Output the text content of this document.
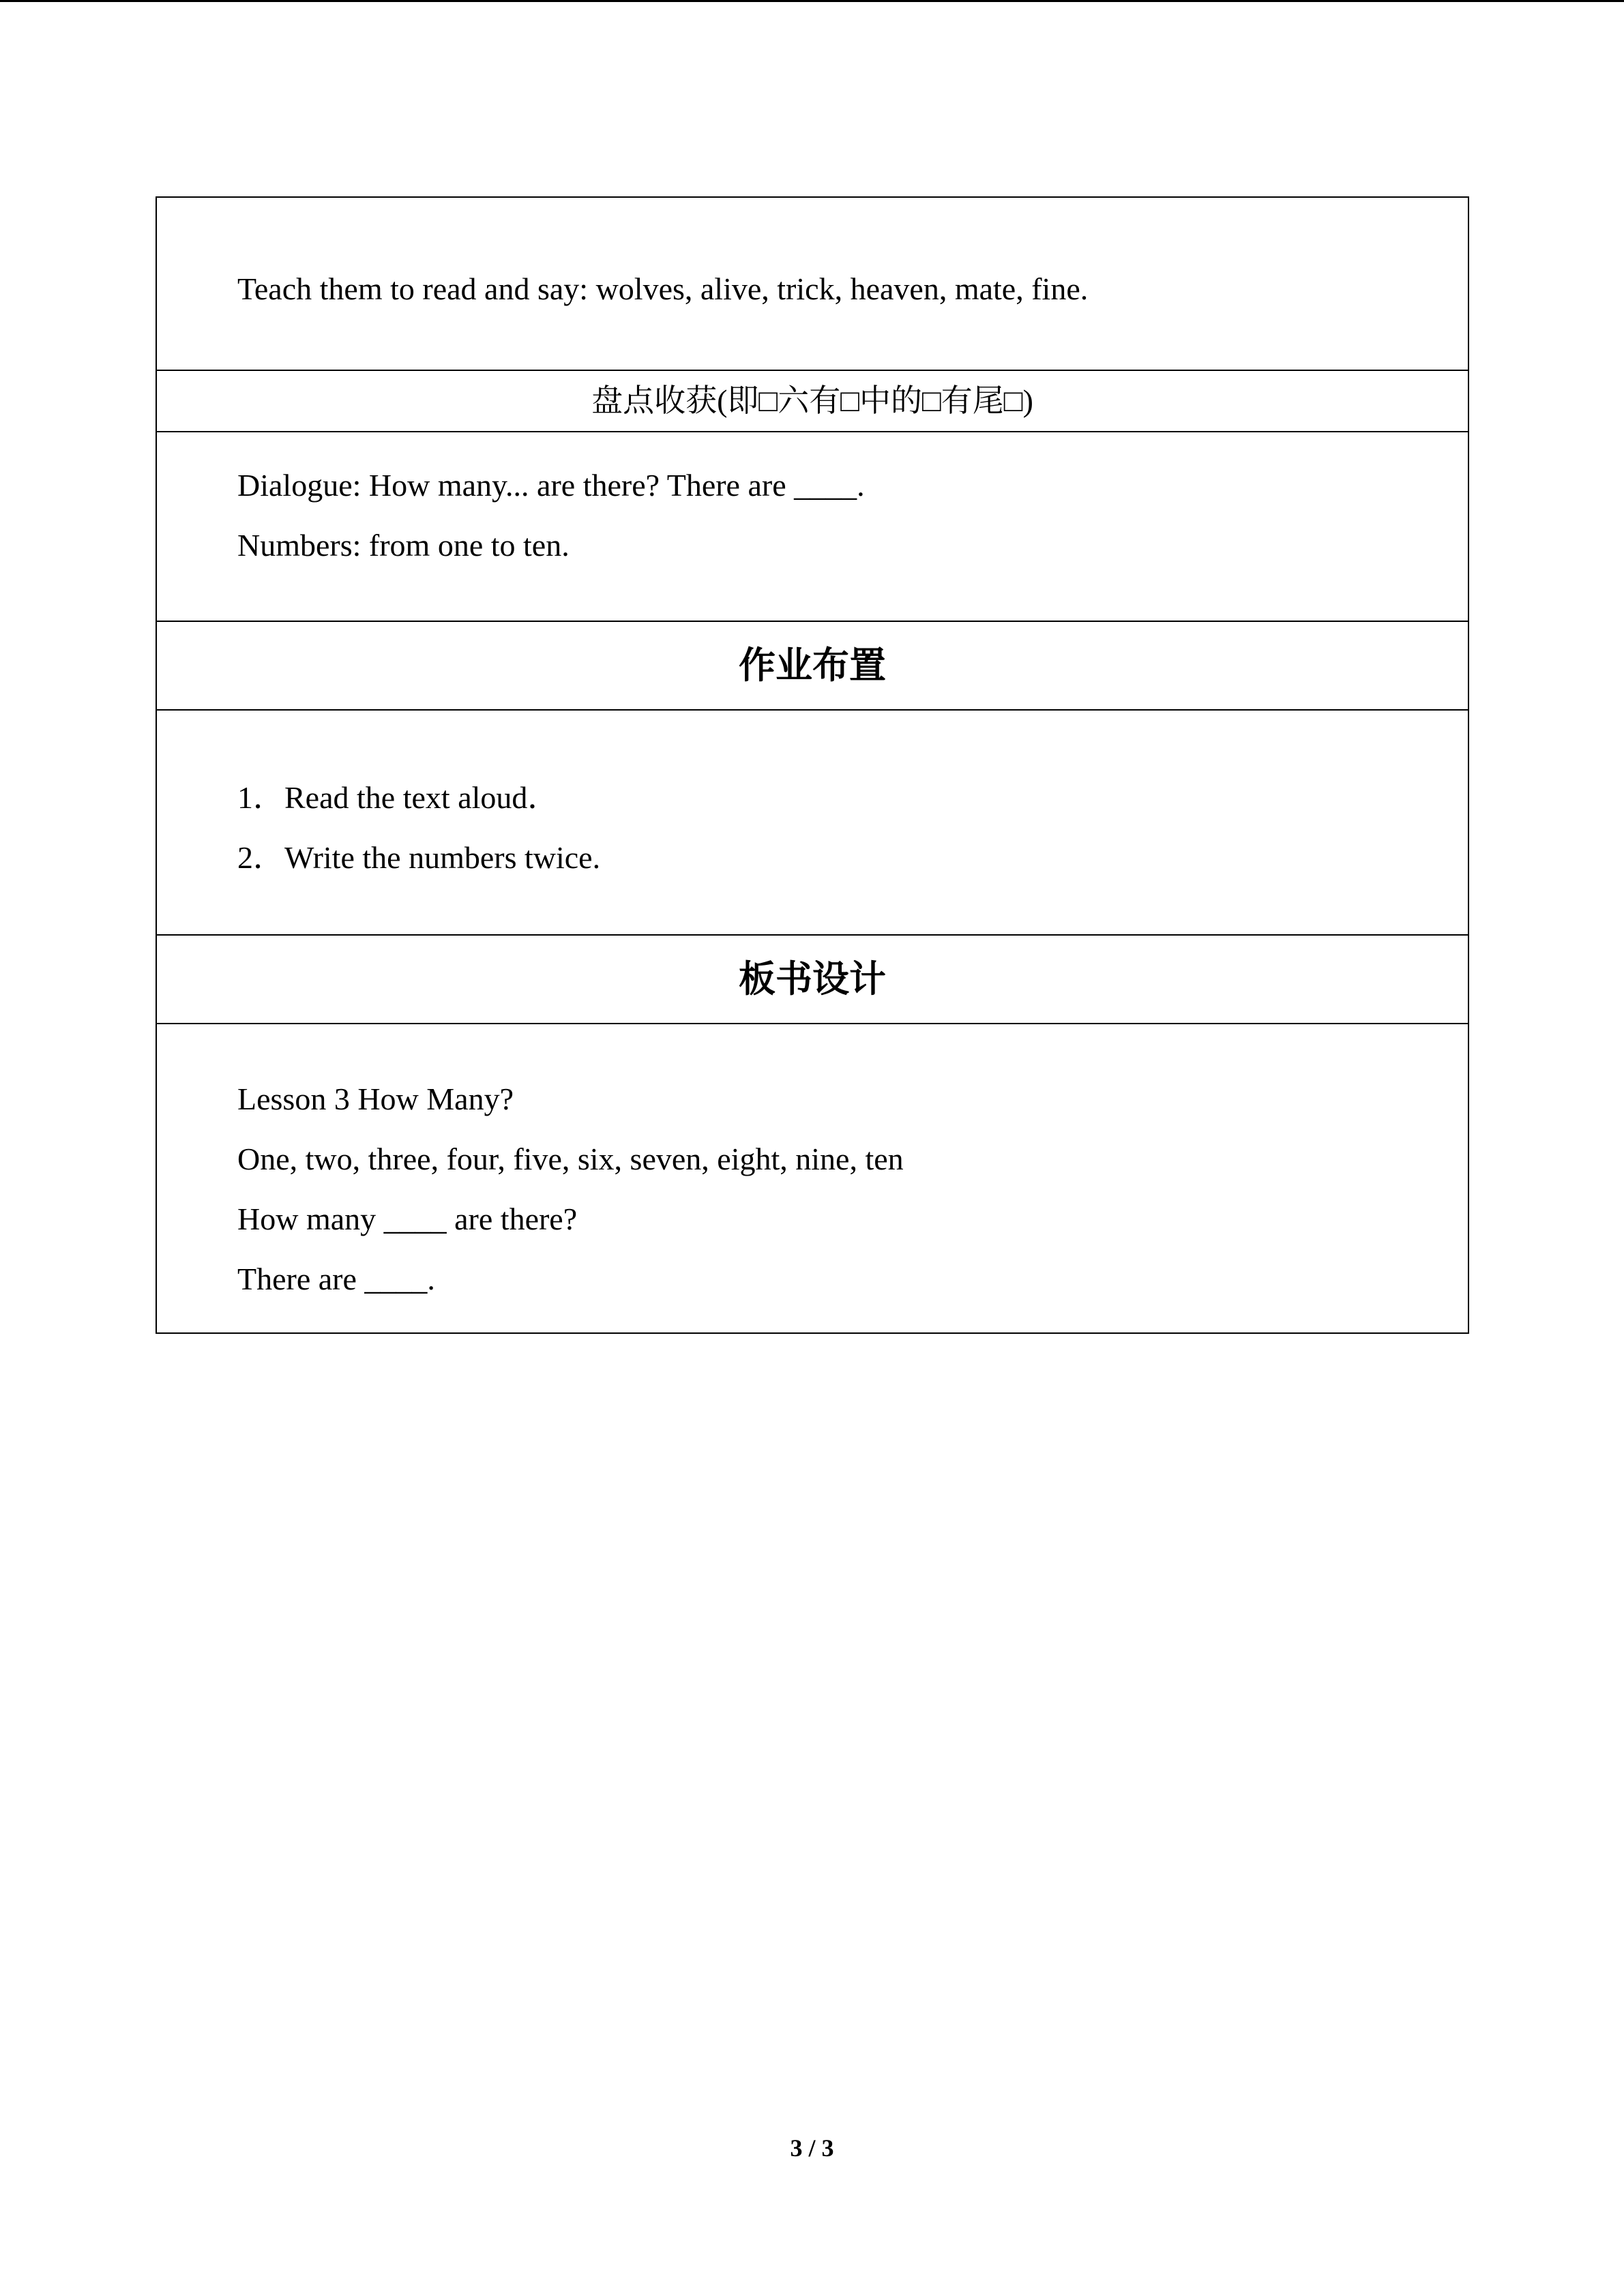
Teach them to read and say: wolves, alive, trick, heaven, mate, fine.

盘点收获(即□六有□中的□有尾□)

Dialogue: How many... are there? There are ____.
Numbers: from one to ten.

作业布置

1．Read the text aloud．
2．Write the numbers twice.

板书设计

Lesson 3 How Many?
One, two, three, four, five, six, seven, eight, nine, ten
How many ____ are there?
There are ____.
3 / 3
